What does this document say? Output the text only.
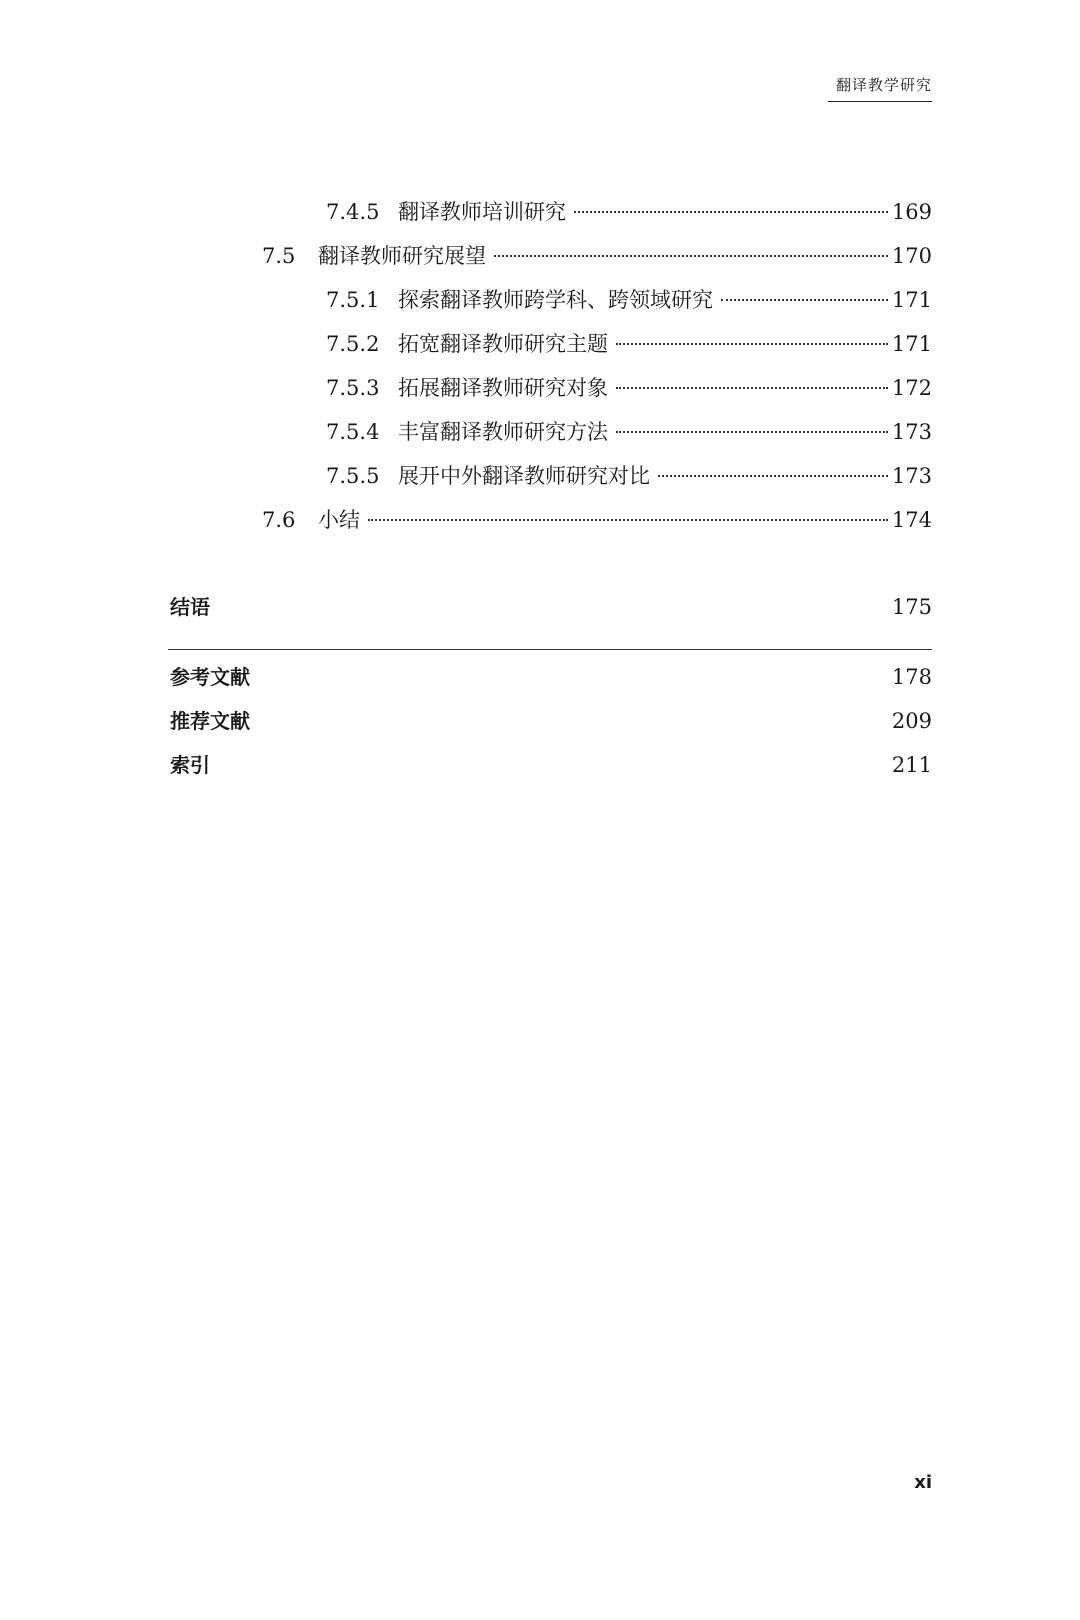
翻译教学研究
7.4.5 翻译教师培训研究	169
7.5	翻译教师研究展望	170
7.5.1 探索翻译教师跨学科、跨领域研究	171
7.5.2 拓宽翻译教师研究主题	171
7.5.3 拓展翻译教师研究对象	172
7.5.4 丰富翻译教师研究方法	173
7.5.5 展开中外翻译教师研究对比	173
7.6	小结	174
结语	175
参考文献	178
推荐文献	209
索引	211
xi
